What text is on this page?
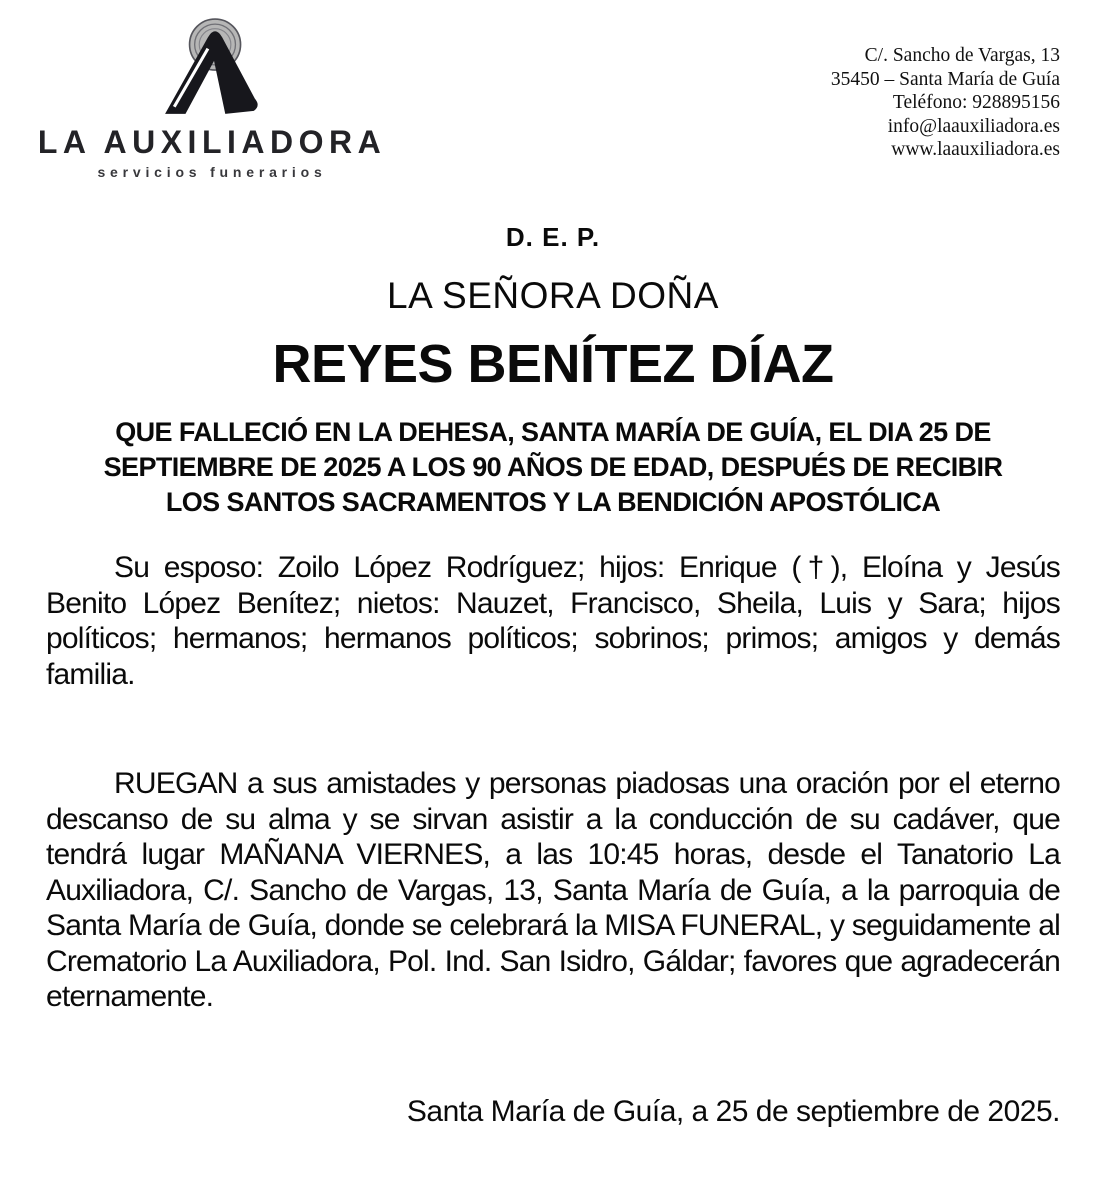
LA AUXILIADORA
servicios funerarios
C/. Sancho de Vargas, 13
35450 – Santa María de Guía
Teléfono: 928895156
info@laauxiliadora.es
www.laauxiliadora.es
D. E. P.
LA SEÑORA DOÑA
REYES BENÍTEZ DÍAZ
QUE FALLECIÓ EN LA DEHESA, SANTA MARÍA DE GUÍA, EL DIA 25 DE SEPTIEMBRE DE 2025 A LOS 90 AÑOS DE EDAD, DESPUÉS DE RECIBIR LOS SANTOS SACRAMENTOS Y LA BENDICIÓN APOSTÓLICA

Su esposo: Zoilo López Rodríguez; hijos: Enrique (†), Eloína y Jesús Benito López Benítez; nietos: Nauzet, Francisco, Sheila, Luis y Sara; hijos políticos; hermanos; hermanos políticos; sobrinos; primos; amigos y demás familia.

RUEGAN a sus amistades y personas piadosas una oración por el eterno descanso de su alma y se sirvan asistir a la conducción de su cadáver, que tendrá lugar MAÑANA VIERNES, a las 10:45 horas, desde el Tanatorio La Auxiliadora, C/. Sancho de Vargas, 13, Santa María de Guía, a la parroquia de Santa María de Guía, donde se celebrará la MISA FUNERAL, y seguidamente al Crematorio La Auxiliadora, Pol. Ind. San Isidro, Gáldar; favores que agradecerán eternamente.

Santa María de Guía, a 25 de septiembre de 2025.
